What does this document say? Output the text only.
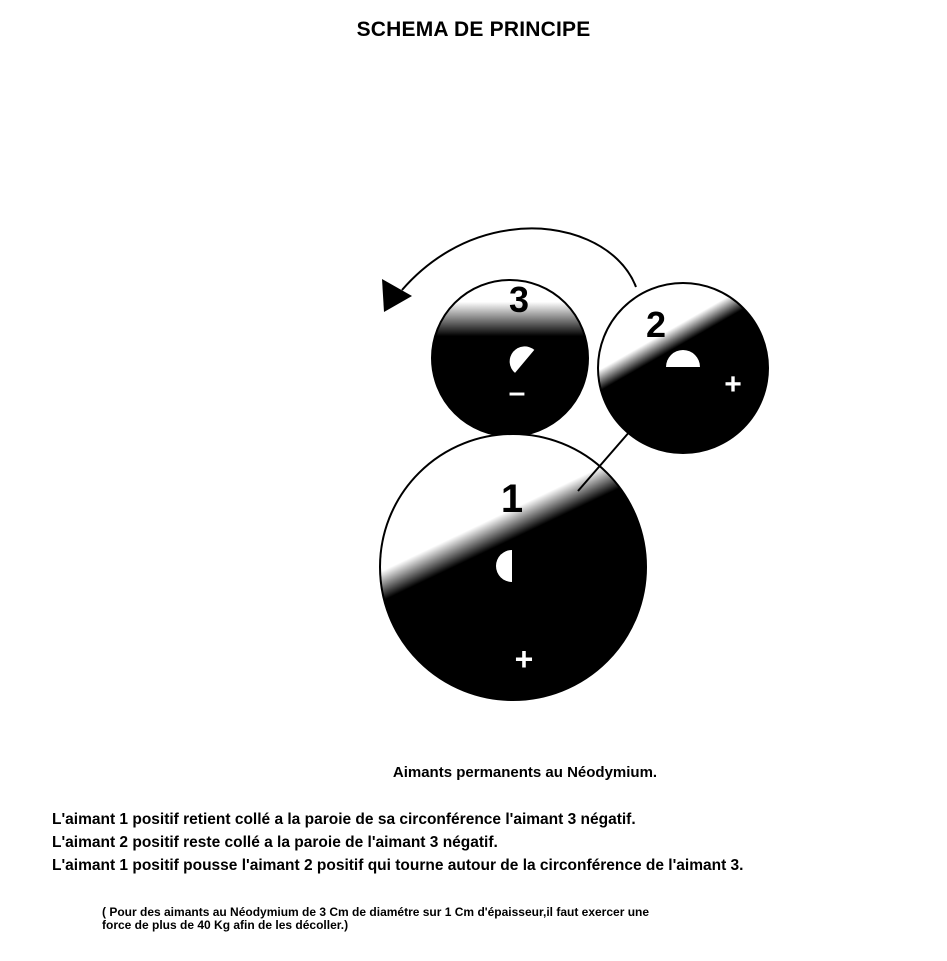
SCHEMA DE PRINCIPE
3
–
2
+
1
+
Aimants permanents au Néodymium.
L'aimant 1 positif retient collé a la paroie de sa circonférence l'aimant 3 négatif.
L'aimant 2 positif reste collé a la paroie de l'aimant 3 négatif.
L'aimant 1 positif pousse l'aimant 2 positif qui tourne autour de la circonférence de l'aimant 3.
( Pour des aimants au Néodymium de 3 Cm de diamétre sur 1 Cm d'épaisseur,il faut exercer une
force de plus de 40 Kg afin de les décoller.)
